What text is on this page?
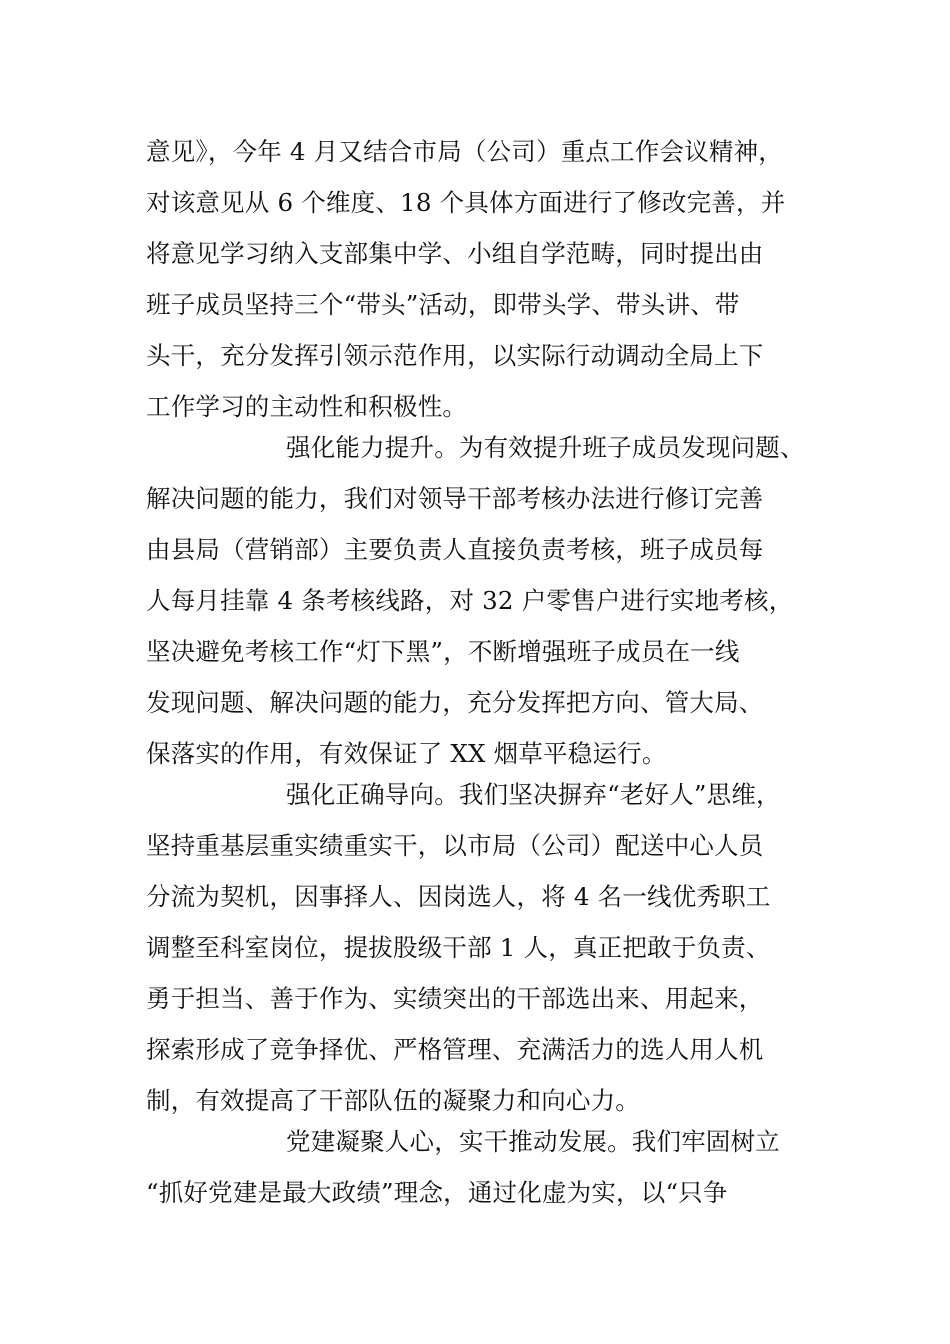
意见》，今年 4 月又结合市局（公司）重点工作会议精神，

对该意见从 6 个维度、18 个具体方面进行了修改完善，并

将意见学习纳入支部集中学、小组自学范畴，同时提出由

班子成员坚持三个“带头”活动，即带头学、带头讲、带

头干，充分发挥引领示范作用，以实际行动调动全局上下

工作学习的主动性和积极性。

强化能力提升。为有效提升班子成员发现问题、

解决问题的能力，我们对领导干部考核办法进行修订完善

由县局（营销部）主要负责人直接负责考核，班子成员每

人每月挂靠 4 条考核线路，对 32 户零售户进行实地考核，

坚决避免考核工作“灯下黑”，不断增强班子成员在一线

发现问题、解决问题的能力，充分发挥把方向、管大局、

保落实的作用，有效保证了 XX 烟草平稳运行。

强化正确导向。我们坚决摒弃“老好人”思维，

坚持重基层重实绩重实干，以市局（公司）配送中心人员

分流为契机，因事择人、因岗选人，将 4 名一线优秀职工

调整至科室岗位，提拔股级干部 1 人，真正把敢于负责、

勇于担当、善于作为、实绩突出的干部选出来、用起来，

探索形成了竞争择优、严格管理、充满活力的选人用人机

制，有效提高了干部队伍的凝聚力和向心力。

党建凝聚人心，实干推动发展。我们牢固树立

“抓好党建是最大政绩”理念，通过化虚为实，以“只争
